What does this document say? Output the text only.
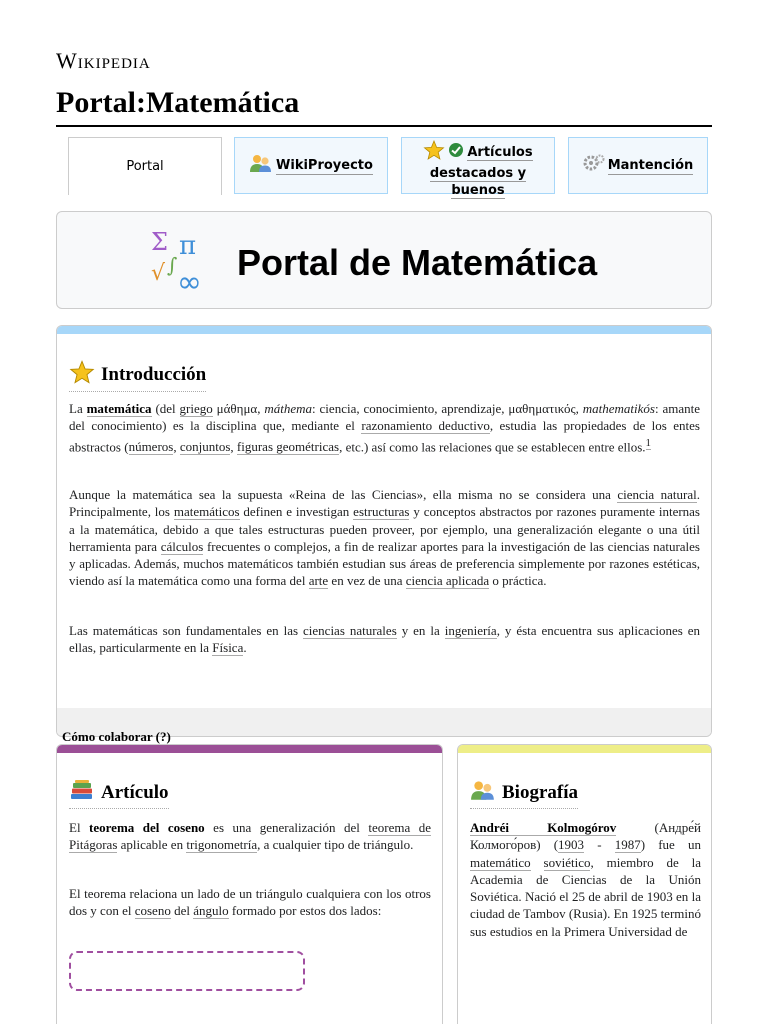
Wikipedia
Portal:Matemática
Portal	WikiProyecto
Artículos destacados y buenos
Mantención
Σ π
√ ∫ ∞ Portal de Matemática
Introducción

La matemática (del griego μάθημα, máthema: ciencia, conocimiento, aprendizaje, μαθηματικός, mathematikós: amante del conocimiento) es la disciplina que, mediante el razonamiento deductivo, estudia las propiedades de los entes abstractos (números, conjuntos, figuras geométricas, etc.) así como las relaciones que se establecen entre ellos.$^1$

Aunque la matemática sea la supuesta «Reina de las Ciencias», ella misma no se considera una ciencia natural. Principalmente, los matemáticos definen e investigan estructuras y conceptos abstractos por razones puramente internas a la matemática, debido a que tales estructuras pueden proveer, por ejemplo, una generalización elegante o una útil herramienta para cálculos frecuentes o complejos, a fin de realizar aportes para la investigación de las ciencias naturales y aplicadas. Además, muchos matemáticos también estudian sus áreas de preferencia simplemente por razones estéticas, viendo así la matemática como una forma del arte en vez de una ciencia aplicada o práctica.

Las matemáticas son fundamentales en las ciencias naturales y en la ingeniería, y ésta encuentra sus aplicaciones en ellas, particularmente en la Física.

Cómo colaborar (?)
Artículo

El teorema del coseno es una generalización del teorema de Pitágoras aplicable en trigonometría, a cualquier tipo de triángulo.

El teorema relaciona un lado de un triángulo cualquiera con los otros dos y con el coseno del ángulo formado por estos dos lados:

Biografía

Andréi Kolmogórov (Андре́й Колмого́ров) (1903 - 1987) fue un matemático soviético, miembro de la Academia de Ciencias de la Unión Soviética. Nació el 25 de abril de 1903 en la ciudad de Tambov (Rusia). En 1925 terminó sus estudios en la Primera Universidad de
